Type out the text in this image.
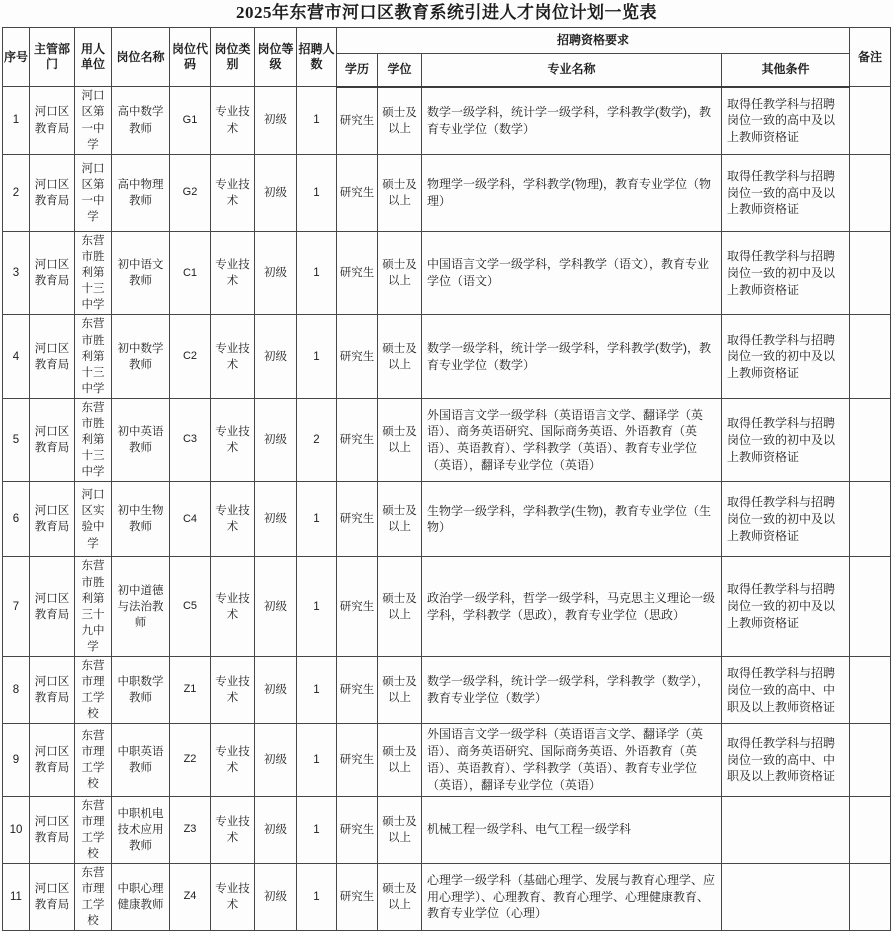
2025年东营市河口区教育系统引进人才岗位计划一览表
序号	主管部门	用人单位	岗位名称	岗位代码	岗位类别	岗位等级	招聘人数	招聘资格要求				备注
								学历	学位	专业名称	其他条件	
1	河口区教育局	河口区第一中学	高中数学教师	G1	专业技术	初级	1	研究生	硕士及以上	数学一级学科，统计学一级学科，学科教学(数学)，教育专业学位（数学）	取得任教学科与招聘岗位一致的高中及以上教师资格证	
2	河口区教育局	河口区第一中学	高中物理教师	G2	专业技术	初级	1	研究生	硕士及以上	物理学一级学科，学科教学(物理)，教育专业学位（物理）	取得任教学科与招聘岗位一致的高中及以上教师资格证	
3	河口区教育局	东营市胜利第十三中学	初中语文教师	C1	专业技术	初级	1	研究生	硕士及以上	中国语言文学一级学科，学科教学（语文），教育专业学位（语文）	取得任教学科与招聘岗位一致的初中及以上教师资格证	
4	河口区教育局	东营市胜利第十三中学	初中数学教师	C2	专业技术	初级	1	研究生	硕士及以上	数学一级学科，统计学一级学科，学科教学(数学)，教育专业学位（数学）	取得任教学科与招聘岗位一致的初中及以上教师资格证	
5	河口区教育局	东营市胜利第十三中学	初中英语教师	C3	专业技术	初级	2	研究生	硕士及以上	外国语言文学一级学科（英语语言文学、翻译学（英语）、商务英语研究、国际商务英语、外语教育（英语）、英语教育）、学科教学（英语）、教育专业学位（英语），翻译专业学位（英语）	取得任教学科与招聘岗位一致的初中及以上教师资格证	
6	河口区教育局	河口区实验中学	初中生物教师	C4	专业技术	初级	1	研究生	硕士及以上	生物学一级学科，学科教学(生物)，教育专业学位（生物）	取得任教学科与招聘岗位一致的初中及以上教师资格证	
7	河口区教育局	东营市胜利第三十九中学	初中道德与法治教师	C5	专业技术	初级	1	研究生	硕士及以上	政治学一级学科，哲学一级学科，马克思主义理论一级学科，学科教学（思政），教育专业学位（思政）	取得任教学科与招聘岗位一致的初中及以上教师资格证	
8	河口区教育局	东营市理工学校	中职数学教师	Z1	专业技术	初级	1	研究生	硕士及以上	数学一级学科，统计学一级学科，学科教学（数学），教育专业学位（数学）	取得任教学科与招聘岗位一致的高中、中职及以上教师资格证	
9	河口区教育局	东营市理工学校	中职英语教师	Z2	专业技术	初级	1	研究生	硕士及以上	外国语言文学一级学科（英语语言文学、翻译学（英语）、商务英语研究、国际商务英语、外语教育（英语）、英语教育）、学科教学（英语）、教育专业学位（英语），翻译专业学位（英语）	取得任教学科与招聘岗位一致的高中、中职及以上教师资格证	
10	河口区教育局	东营市理工学校	中职机电技术应用教师	Z3	专业技术	初级	1	研究生	硕士及以上	机械工程一级学科、电气工程一级学科		
11	河口区教育局	东营市理工学校	中职心理健康教师	Z4	专业技术	初级	1	研究生	硕士及以上	心理学一级学科（基础心理学、发展与教育心理学、应用心理学）、心理教育、教育心理学、心理健康教育、教育专业学位（心理）		
